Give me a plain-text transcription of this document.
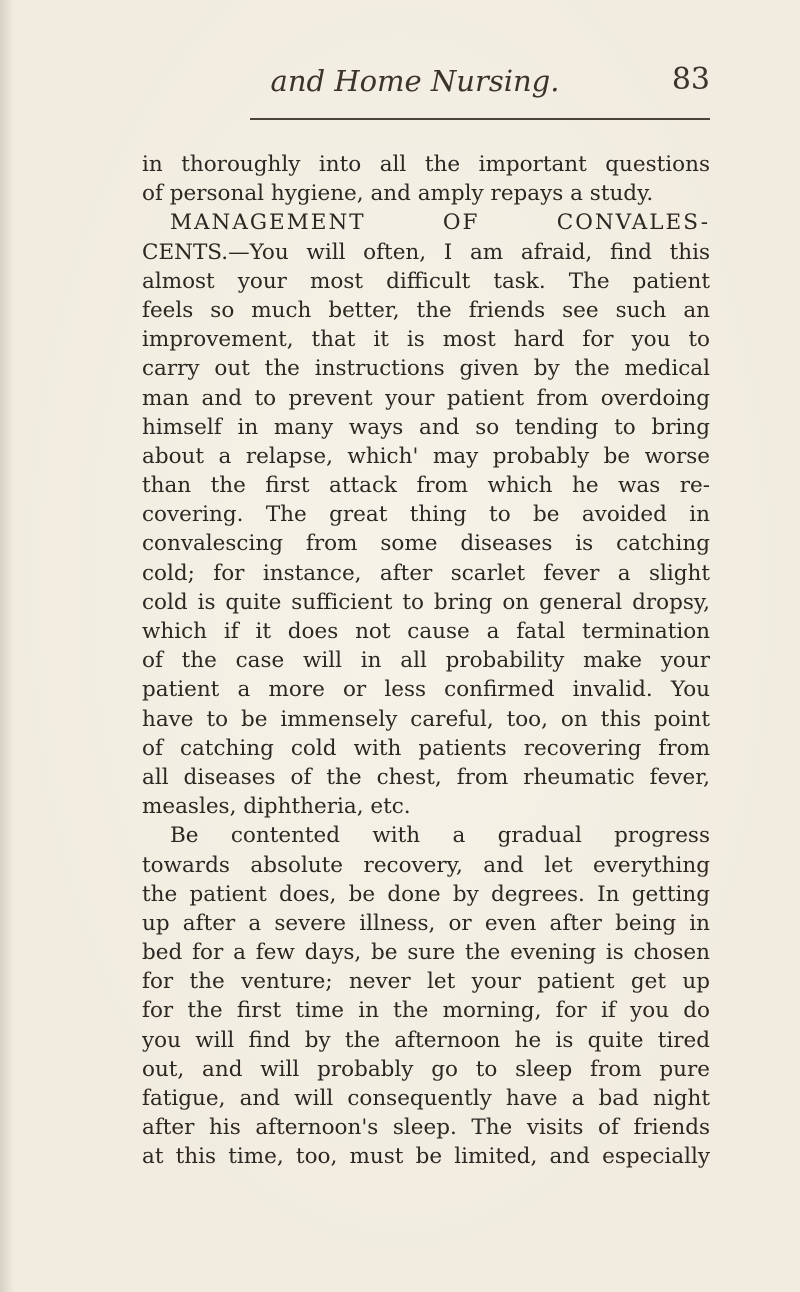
and Home Nursing.	83
in thoroughly into all the important questions
of personal hygiene, and amply repays a study.
MANAGEMENT OF CONVALES-
CENTS.—You will often, I am afraid, find this
almost your most difficult task. The patient
feels so much better, the friends see such an
improvement, that it is most hard for you to
carry out the instructions given by the medical
man and to prevent your patient from overdoing
himself in many ways and so tending to bring
about a relapse, which' may probably be worse
than the first attack from which he was re-
covering. The great thing to be avoided in
convalescing from some diseases is catching
cold; for instance, after scarlet fever a slight
cold is quite sufficient to bring on general dropsy,
which if it does not cause a fatal termination
of the case will in all probability make your
patient a more or less confirmed invalid. You
have to be immensely careful, too, on this point
of catching cold with patients recovering from
all diseases of the chest, from rheumatic fever,
measles, diphtheria, etc.
Be contented with a gradual progress
towards absolute recovery, and let everything
the patient does, be done by degrees. In getting
up after a severe illness, or even after being in
bed for a few days, be sure the evening is chosen
for the venture; never let your patient get up
for the first time in the morning, for if you do
you will find by the afternoon he is quite tired
out, and will probably go to sleep from pure
fatigue, and will consequently have a bad night
after his afternoon's sleep. The visits of friends
at this time, too, must be limited, and especially
